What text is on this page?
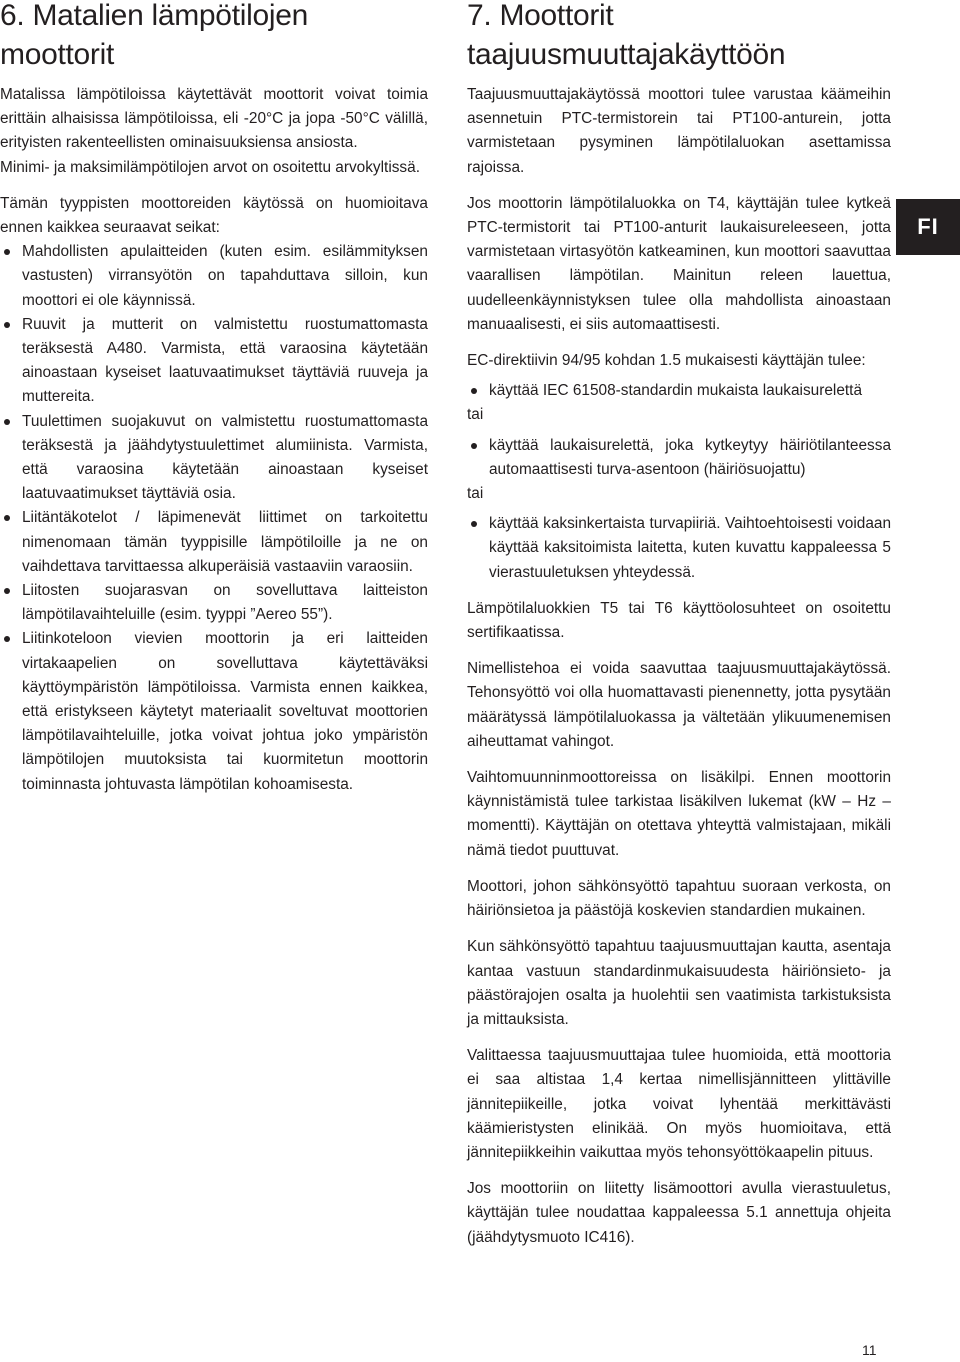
6. Matalien lämpötilojen moottorit

Matalissa lämpötiloissa käytettävät moottorit voivat toimia erittäin alhaisissa lämpötiloissa, eli -20°C ja jopa -50°C välillä, erityisten rakenteellisten ominaisuuksiensa ansiosta.

Minimi- ja maksimilämpötilojen arvot on osoitettu arvokyltissä.

Tämän tyyppisten moottoreiden käytössä on huomioitava ennen kaikkea seuraavat seikat:

Mahdollisten apulaitteiden (kuten esim. esilämmityksen vastusten) virransyötön on tapahduttava silloin, kun moottori ei ole käynnissä.
Ruuvit ja mutterit on valmistettu ruostumattomasta teräksestä A480. Varmista, että varaosina käytetään ainoastaan kyseiset laatuvaatimukset täyttäviä ruuveja ja muttereita.
Tuulettimen suojakuvut on valmistettu ruostumattomasta teräksestä ja jäähdytystuulettimet alumiinista. Varmista, että varaosina käytetään ainoastaan kyseiset laatuvaatimukset täyttäviä osia.
Liitäntäkotelot / läpimenevät liittimet on tarkoitettu nimenomaan tämän tyyppisille lämpötiloille ja ne on vaihdettava tarvittaessa alkuperäisiä vastaaviin varaosiin.
Liitosten suojarasvan on sovelluttava laitteiston lämpötilavaihteluille (esim. tyyppi ”Aereo 55”).
Liitinkoteloon vievien moottorin ja eri laitteiden virtakaapelien on sovelluttava käytettäväksi käyttöympäristön lämpötiloissa. Varmista ennen kaikkea, että eristykseen käytetyt materiaalit soveltuvat moottorien lämpötilavaihteluille, jotka voivat johtua joko ympäristön lämpötilojen muutoksista tai kuormitetun moottorin toiminnasta johtuvasta lämpötilan kohoamisesta.
7. Moottorit taajuusmuuttajakäyttöön

Taajuusmuuttajakäytössä moottori tulee varustaa käämeihin asennetuin PTC-termistorein tai PT100-anturein, jotta varmistetaan pysyminen lämpötilaluokan asettamissa rajoissa.

Jos moottorin lämpötilaluokka on T4, käyttäjän tulee kytkeä PTC-termistorit tai PT100-anturit laukaisureleeseen, jotta varmistetaan virtasyötön katkeaminen, kun moottori saavuttaa vaarallisen lämpötilan. Mainitun releen lauettua, uudelleenkäynnistyksen tulee olla mahdollista ainoastaan manuaalisesti, ei siis automaattisesti.

EC-direktiivin 94/95 kohdan 1.5 mukaisesti käyttäjän tulee:

käyttää IEC 61508-standardin mukaista laukaisurelettä

tai

käyttää laukaisurelettä, joka kytkeytyy häiriötilanteessa automaattisesti turva-asentoon (häiriösuojattu)

tai

käyttää kaksinkertaista turvapiiriä. Vaihtoehtoisesti voidaan käyttää kaksitoimista laitetta, kuten kuvattu kappaleessa 5 vierastuuletuksen yhteydessä.

Lämpötilaluokkien T5 tai T6 käyttöolosuhteet on osoitettu sertifikaatissa.

Nimellistehoa ei voida saavuttaa taajuusmuuttajakäytössä. Tehonsyöttö voi olla huomattavasti pienennetty, jotta pysytään määrätyssä lämpötilaluokassa ja vältetään ylikuumenemisen aiheuttamat vahingot.

Vaihtomuunninmoottoreissa on lisäkilpi. Ennen moottorin käynnistämistä tulee tarkistaa lisäkilven lukemat (kW – Hz – momentti). Käyttäjän on otettava yhteyttä valmistajaan, mikäli nämä tiedot puuttuvat.

Moottori, johon sähkönsyöttö tapahtuu suoraan verkosta, on häiriönsietoa ja päästöjä koskevien standardien mukainen.

Kun sähkönsyöttö tapahtuu taajuusmuuttajan kautta, asentaja kantaa vastuun standardinmukaisuudesta häiriönsieto- ja päästörajojen osalta ja huolehtii sen vaatimista tarkistuksista ja mittauksista.

Valittaessa taajuusmuuttajaa tulee huomioida, että moottoria ei saa altistaa 1,4 kertaa nimellisjännitteen ylittäville jännitepiikeille, jotka voivat lyhentää merkittävästi käämieristysten elinikää. On myös huomioitava, että jännitepiikkeihin vaikuttaa myös tehonsyöttökaapelin pituus.

Jos moottoriin on liitetty lisämoottori avulla vierastuuletus, käyttäjän tulee noudattaa kappaleessa 5.1 annettuja ohjeita (jäähdytysmuoto IC416).

FI
11
